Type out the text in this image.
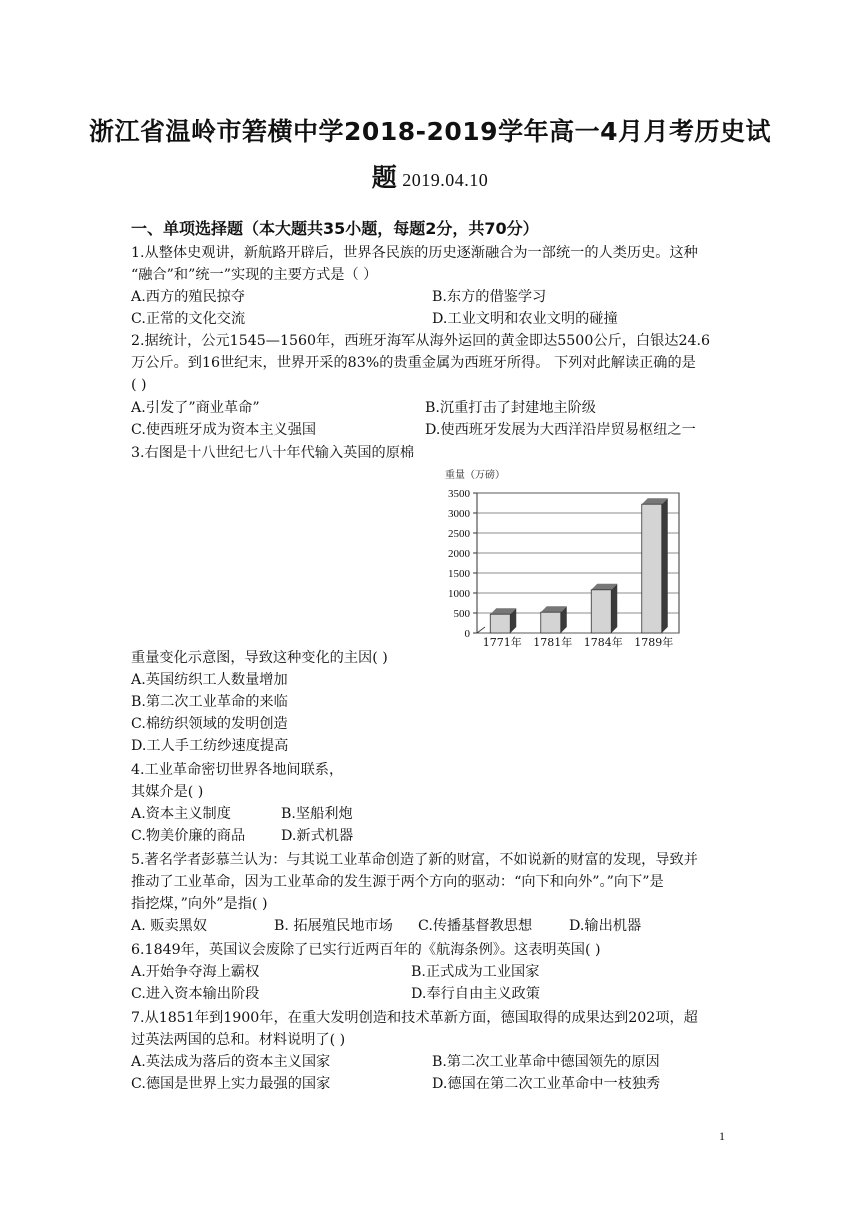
浙江省温岭市箬横中学2018-2019学年高一4月月考历史试
题 2019.04.10
一、单项选择题（本大题共35小题，每题2分，共70分）
1.从整体史观讲，新航路开辟后，世界各民族的历史逐渐融合为一部统一的人类历史。这种
“融合”和”统一”实现的主要方式是（ ）
A.西方的殖民掠夺	B.东方的借鉴学习
C.正常的文化交流	D.工业文明和农业文明的碰撞
2.据统计，公元1545—1560年，西班牙海军从海外运回的黄金即达5500公斤，白银达24.6
万公斤。到16世纪末，世界开采的83%的贵重金属为西班牙所得。 下列对此解读正确的是
( )
A.引发了”商业革命”	B.沉重打击了封建地主阶级
C.使西班牙成为资本主义强国	D.使西班牙发展为大西洋沿岸贸易枢纽之一
3.右图是十八世纪七八十年代输入英国的原棉
重量（万磅）
0
500
1000
1500
2000
2500
3000
3500
1771年 1781年 1784年 1789年
重量变化示意图，导致这种变化的主因( )
A.英国纺织工人数量增加
B.第二次工业革命的来临
C.棉纺织领域的发明创造
D.工人手工纺纱速度提高
4.工业革命密切世界各地间联系，
其媒介是( )
A.资本主义制度	B.坚船利炮
C.物美价廉的商品	D.新式机器
5.著名学者彭慕兰认为：与其说工业革命创造了新的财富，不如说新的财富的发现，导致并
推动了工业革命，因为工业革命的发生源于两个方向的驱动：“向下和向外”。”向下”是
指挖煤，”向外”是指( )
A. 贩卖黑奴	B. 拓展殖民地市场 C.传播基督教思想	D.输出机器
6.1849年，英国议会废除了已实行近两百年的《航海条例》。这表明英国( )
A.开始争夺海上霸权	B.正式成为工业国家
C.进入资本输出阶段	D.奉行自由主义政策
7.从1851年到1900年，在重大发明创造和技术革新方面，德国取得的成果达到202项，超
过英法两国的总和。材料说明了( )
A.英法成为落后的资本主义国家	B.第二次工业革命中德国领先的原因
C.德国是世界上实力最强的国家	D.德国在第二次工业革命中一枝独秀
1
